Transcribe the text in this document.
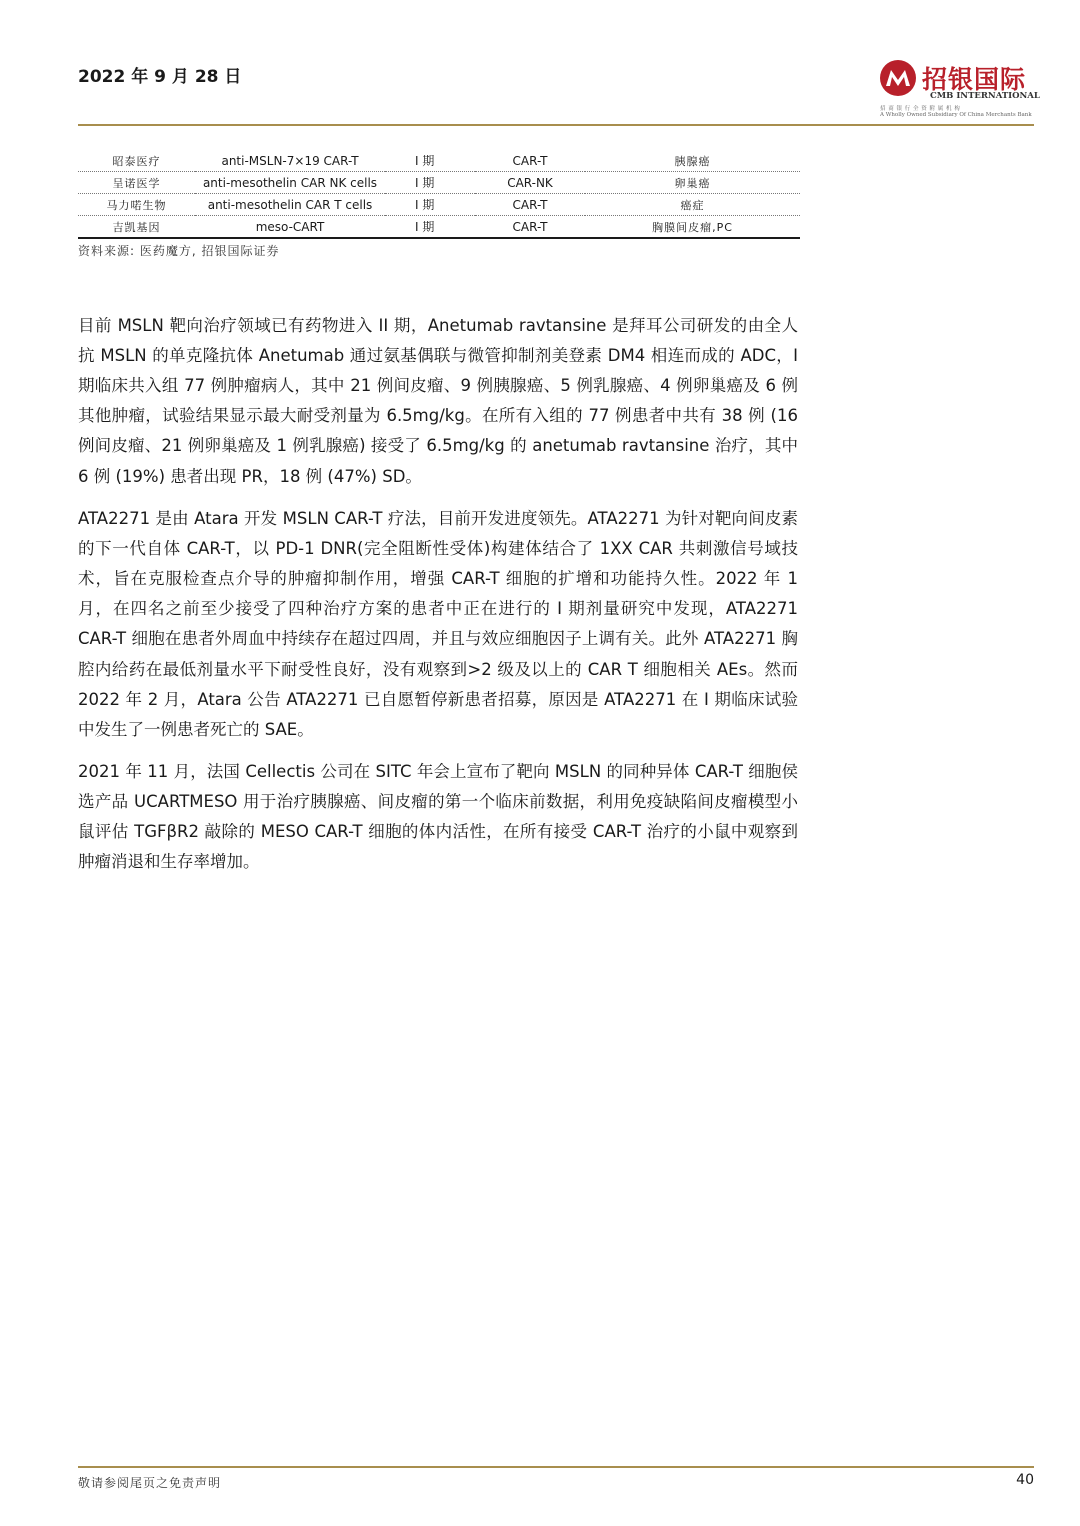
2022 年 9 月 28 日	招银国际
CMB INTERNATIONAL
招 商 银 行 全 资 附 属 机 构
A Wholly Owned Subsidiary Of China Merchants Bank
昭泰医疗	anti-MSLN-7×19 CAR-T	I 期	CAR-T	胰腺癌
呈诺医学	anti-mesothelin CAR NK cells	I 期	CAR-NK	卵巢癌
马力喏生物	anti-mesothelin CAR T cells	I 期	CAR-T	癌症
吉凯基因	meso-CART	I 期	CAR-T	胸膜间皮瘤,PC
资料来源: 医药魔方, 招银国际证券

目前 MSLN 靶向治疗领域已有药物进入 II 期，Anetumab ravtansine 是拜耳公司研发的由全人抗 MSLN 的单克隆抗体 Anetumab 通过氨基偶联与微管抑制剂美登素 DM4 相连而成的 ADC，I 期临床共入组 77 例肿瘤病人，其中 21 例间皮瘤、9 例胰腺癌、5 例乳腺癌、4 例卵巢癌及 6 例其他肿瘤，试验结果显示最大耐受剂量为 6.5mg/kg。在所有入组的 77 例患者中共有 38 例 (16 例间皮瘤、21 例卵巢癌及 1 例乳腺癌) 接受了 6.5mg/kg 的 anetumab ravtansine 治疗，其中 6 例 (19%) 患者出现 PR，18 例 (47%) SD。

ATA2271 是由 Atara 开发 MSLN CAR-T 疗法，目前开发进度领先。ATA2271 为针对靶向间皮素的下一代自体 CAR-T，以 PD-1 DNR(完全阻断性受体)构建体结合了 1XX CAR 共刺激信号域技术，旨在克服检查点介导的肿瘤抑制作用，增强 CAR-T 细胞的扩增和功能持久性。2022 年 1 月，在四名之前至少接受了四种治疗方案的患者中正在进行的 I 期剂量研究中发现，ATA2271 CAR-T 细胞在患者外周血中持续存在超过四周，并且与效应细胞因子上调有关。此外 ATA2271 胸腔内给药在最低剂量水平下耐受性良好，没有观察到>2 级及以上的 CAR T 细胞相关 AEs。然而 2022 年 2 月，Atara 公告 ATA2271 已自愿暂停新患者招募，原因是 ATA2271 在 I 期临床试验中发生了一例患者死亡的 SAE。

2021 年 11 月，法国 Cellectis 公司在 SITC 年会上宣布了靶向 MSLN 的同种异体 CAR-T 细胞侯选产品 UCARTMESO 用于治疗胰腺癌、间皮瘤的第一个临床前数据，利用免疫缺陷间皮瘤模型小鼠评估 TGFβR2 敲除的 MESO CAR-T 细胞的体内活性，在所有接受 CAR-T 治疗的小鼠中观察到肿瘤消退和生存率增加。

敬请参阅尾页之免责声明	40
